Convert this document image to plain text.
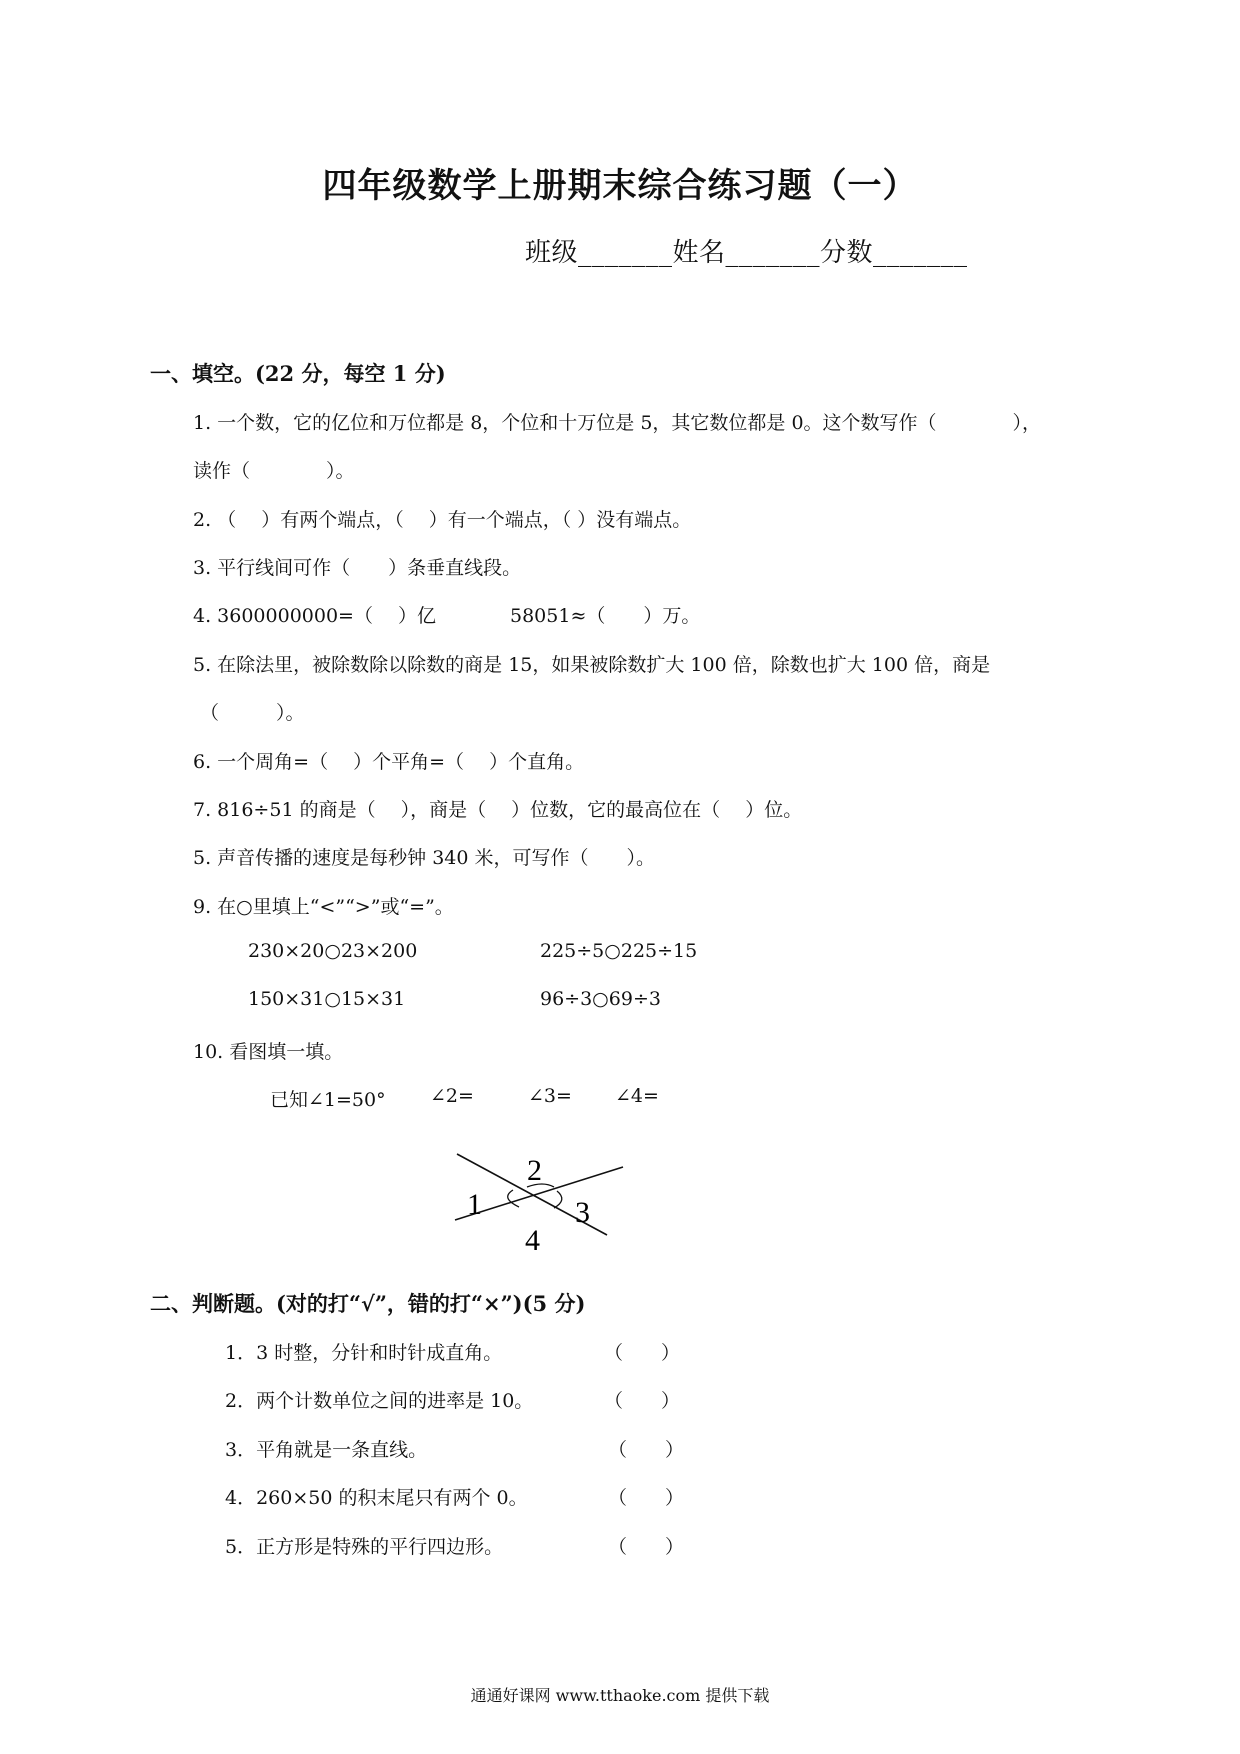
四年级数学上册期末综合练习题（一）
班级_______姓名_______分数_______
一、填空。(22 分，每空 1 分)
1. 一个数，它的亿位和万位都是 8，个位和十万位是 5，其它数位都是 0。这个数写作（　　　　），
读作（　　　　）。
2. （　 ）有两个端点，（　 ）有一个端点，（ ）没有端点。
3. 平行线间可作（　　）条垂直线段。
4. 3600000000=（　 ）亿	58051≈（　　）万。
5. 在除法里，被除数除以除数的商是 15，如果被除数扩大 100 倍，除数也扩大 100 倍，商是
（　　　）。
6. 一个周角=（　 ）个平角=（　 ）个直角。
7. 816÷51 的商是（　 ），商是（　 ）位数，它的最高位在（　 ）位。
5. 声音传播的速度是每秒钟 340 米，可写作（　　）。
9. 在○里填上“<”“>”或“=”。
230×20○23×200	225÷5○225÷15
150×31○15×31	96÷3○69÷3
10. 看图填一填。
已知∠1=50° ∠2=	∠3= ∠4=
1
2
3
4
二、判断题。(对的打“√”，错的打“×”)(5 分)
1．3 时整，分针和时针成直角。	（　　）
2．两个计数单位之间的进率是 10。	（　　）
3．平角就是一条直线。	（　　）
4．260×50 的积末尾只有两个 0。	（　　）
5．正方形是特殊的平行四边形。	（　　）
通通好课网 www.tthaoke.com 提供下载
